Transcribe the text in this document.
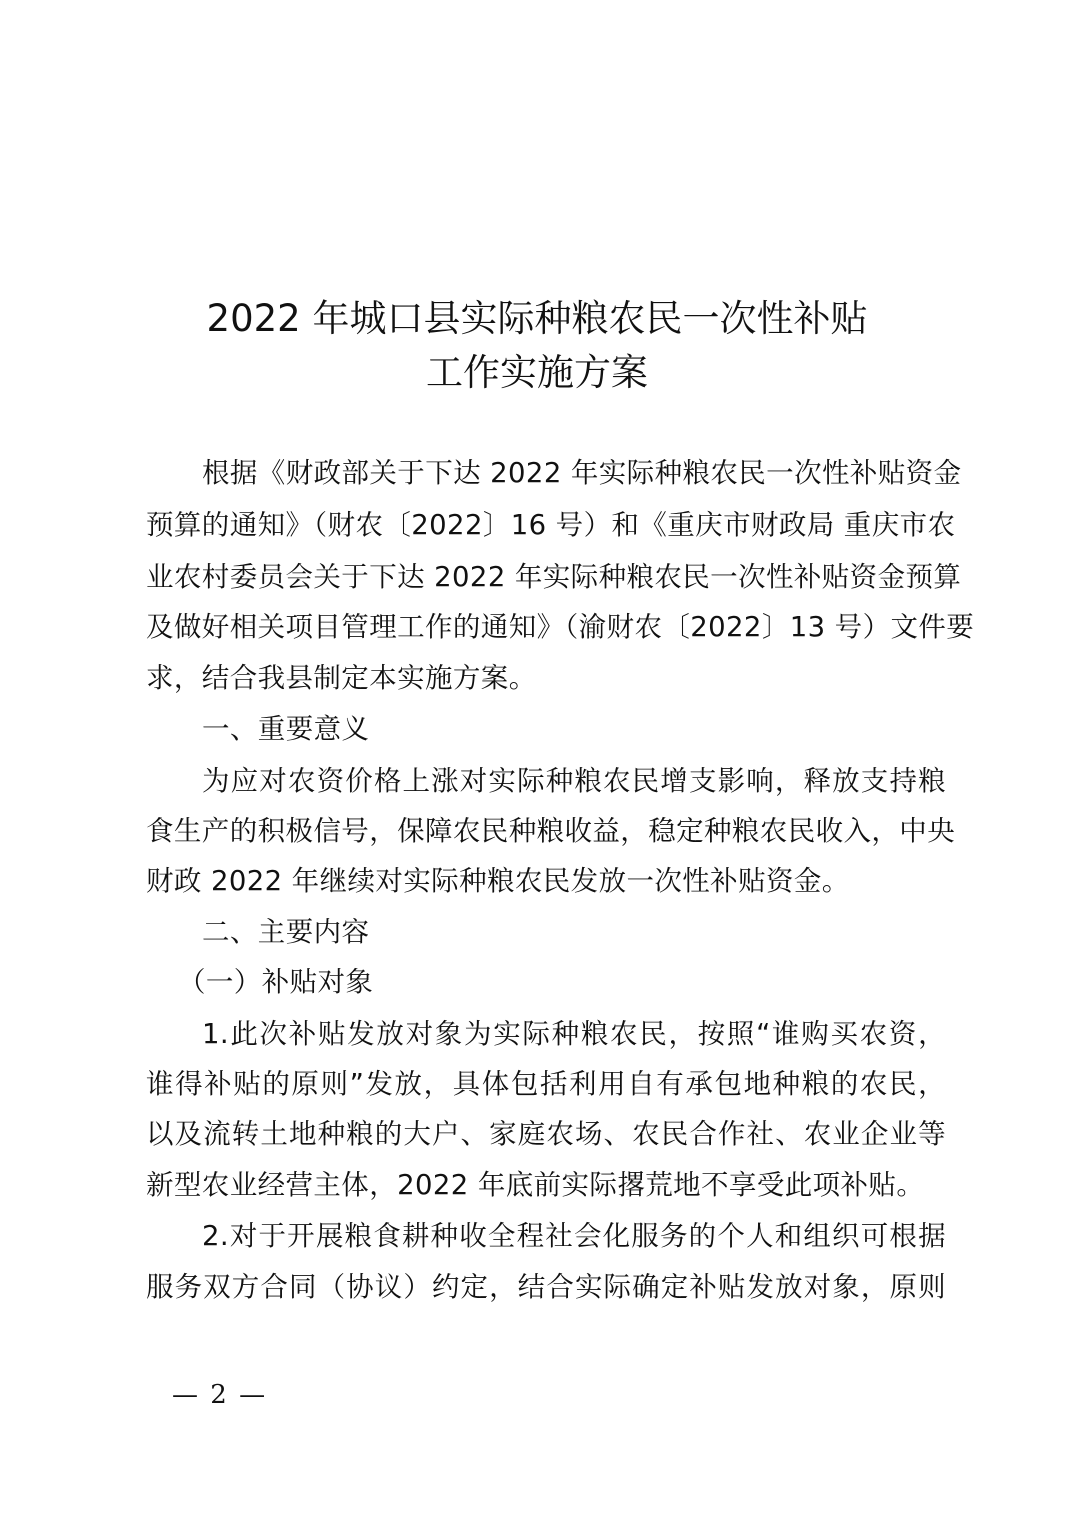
2022 年城口县实际种粮农民一次性补贴
工作实施方案
根据《财政部关于下达 2022 年实际种粮农民一次性补贴资金
预算的通知》（财农〔2022〕16 号）和《重庆市财政局 重庆市农
业农村委员会关于下达 2022 年实际种粮农民一次性补贴资金预算
及做好相关项目管理工作的通知》（渝财农〔2022〕13 号）文件要
求，结合我县制定本实施方案。
一、重要意义
为应对农资价格上涨对实际种粮农民增支影响，释放支持粮
食生产的积极信号，保障农民种粮收益，稳定种粮农民收入，中央
财政 2022 年继续对实际种粮农民发放一次性补贴资金。
二、主要内容
（一）补贴对象
1.此次补贴发放对象为实际种粮农民，按照“谁购买农资，
谁得补贴的原则”发放，具体包括利用自有承包地种粮的农民，
以及流转土地种粮的大户、家庭农场、农民合作社、农业企业等
新型农业经营主体，2022 年底前实际撂荒地不享受此项补贴。
2.对于开展粮食耕种收全程社会化服务的个人和组织可根据
服务双方合同（协议）约定，结合实际确定补贴发放对象，原则
— 2 —
